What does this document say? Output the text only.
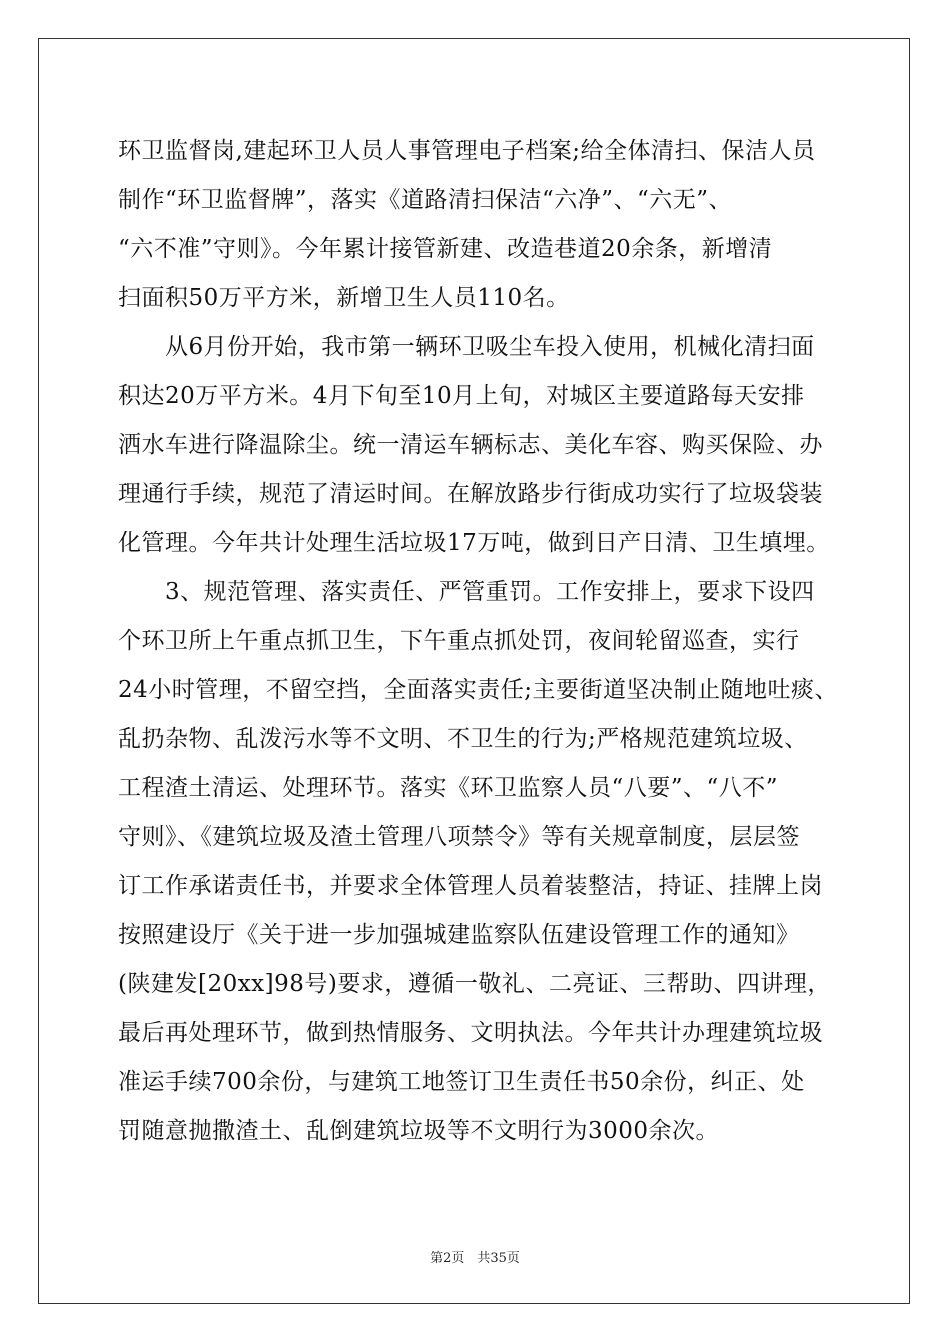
环卫监督岗,建起环卫人员人事管理电子档案;给全体清扫、保洁人员
制作“环卫监督牌”，落实《道路清扫保洁“六净”、“六无”、
“六不准”守则》。今年累计接管新建、改造巷道20余条，新增清
扫面积50万平方米，新增卫生人员110名。
　　从6月份开始，我市第一辆环卫吸尘车投入使用，机械化清扫面
积达20万平方米。4月下旬至10月上旬，对城区主要道路每天安排
洒水车进行降温除尘。统一清运车辆标志、美化车容、购买保险、办
理通行手续，规范了清运时间。在解放路步行街成功实行了垃圾袋装
化管理。今年共计处理生活垃圾17万吨，做到日产日清、卫生填埋。
　　3、规范管理、落实责任、严管重罚。工作安排上，要求下设四
个环卫所上午重点抓卫生，下午重点抓处罚，夜间轮留巡查，实行
24小时管理，不留空挡，全面落实责任;主要街道坚决制止随地吐痰、
乱扔杂物、乱泼污水等不文明、不卫生的行为;严格规范建筑垃圾、
工程渣土清运、处理环节。落实《环卫监察人员“八要”、“八不”
守则》、《建筑垃圾及渣土管理八项禁令》等有关规章制度，层层签
订工作承诺责任书，并要求全体管理人员着装整洁，持证、挂牌上岗
按照建设厅《关于进一步加强城建监察队伍建设管理工作的通知》
(陕建发[20xx]98号)要求，遵循一敬礼、二亮证、三帮助、四讲理，
最后再处理环节，做到热情服务、文明执法。今年共计办理建筑垃圾
准运手续700余份，与建筑工地签订卫生责任书50余份，纠正、处
罚随意抛撒渣土、乱倒建筑垃圾等不文明行为3000余次。
第2页　共35页
